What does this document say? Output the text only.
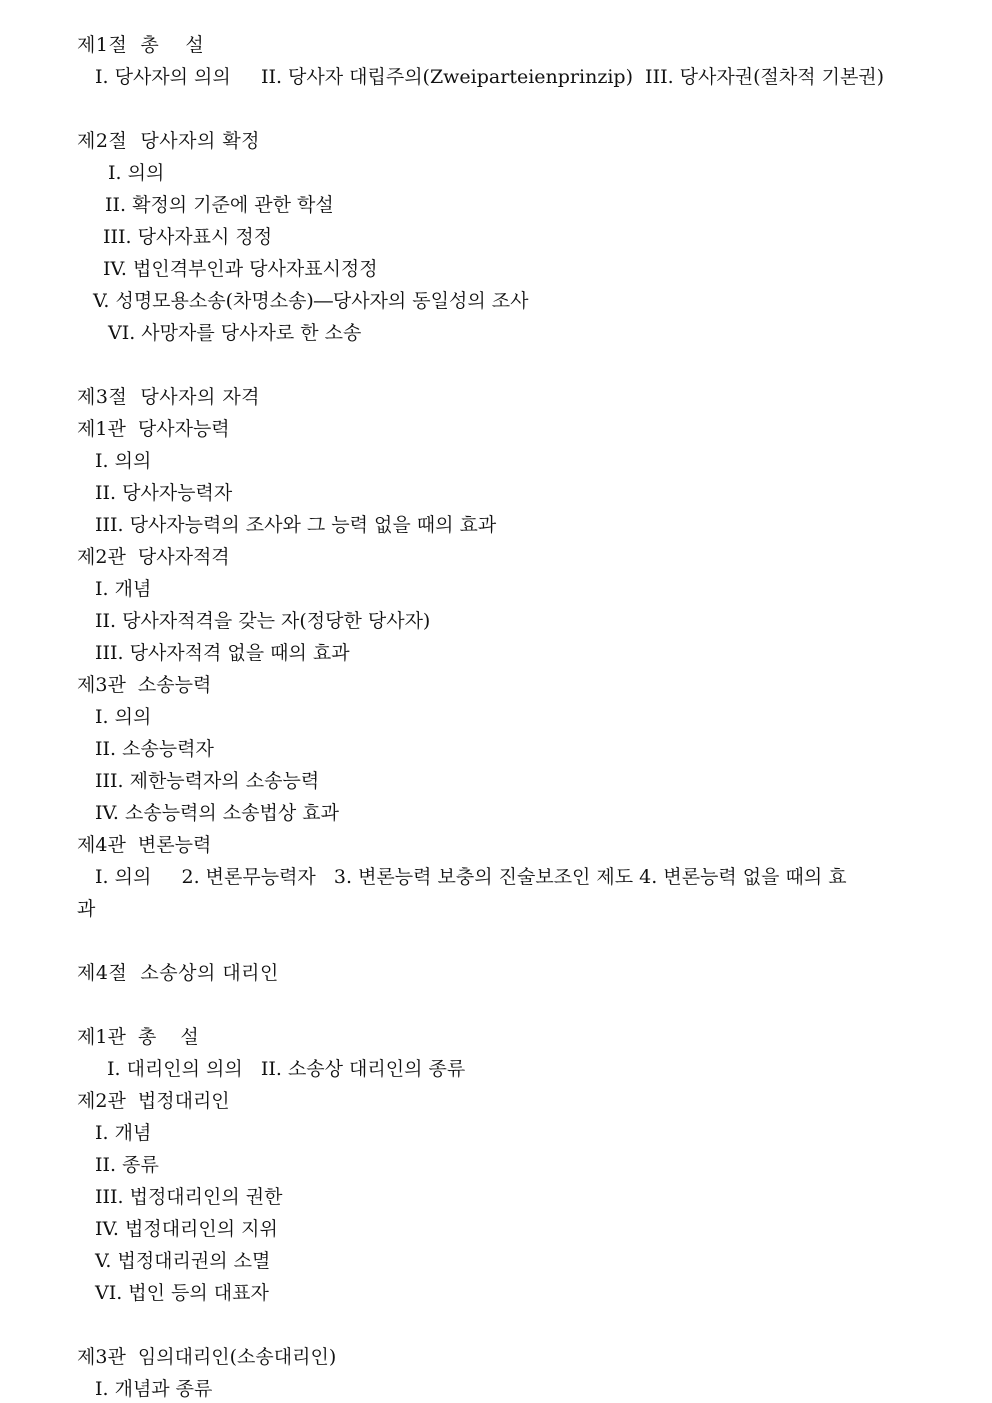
제1절  총    설
I. 당사자의 의의     II. 당사자 대립주의(Zweiparteienprinzip)  III. 당사자권(절차적 기본권)
제2절  당사자의 확정
I. 의의
II. 확정의 기준에 관한 학설
III. 당사자표시 정정
IV. 법인격부인과 당사자표시정정
V. 성명모용소송(차명소송)―당사자의 동일성의 조사
VI. 사망자를 당사자로 한 소송
제3절  당사자의 자격
제1관  당사자능력
I. 의의
II. 당사자능력자
III. 당사자능력의 조사와 그 능력 없을 때의 효과
제2관  당사자적격
I. 개념
II. 당사자적격을 갖는 자(정당한 당사자)
III. 당사자적격 없을 때의 효과
제3관  소송능력
I. 의의
II. 소송능력자
III. 제한능력자의 소송능력
IV. 소송능력의 소송법상 효과
제4관  변론능력
I. 의의     2. 변론무능력자   3. 변론능력 보충의 진술보조인 제도 4. 변론능력 없을 때의 효
과
제4절  소송상의 대리인
제1관  총    설
I. 대리인의 의의   II. 소송상 대리인의 종류
제2관  법정대리인
I. 개념
II. 종류
III. 법정대리인의 권한
IV. 법정대리인의 지위
V. 법정대리권의 소멸
VI. 법인 등의 대표자
제3관  임의대리인(소송대리인)
I. 개념과 종류
